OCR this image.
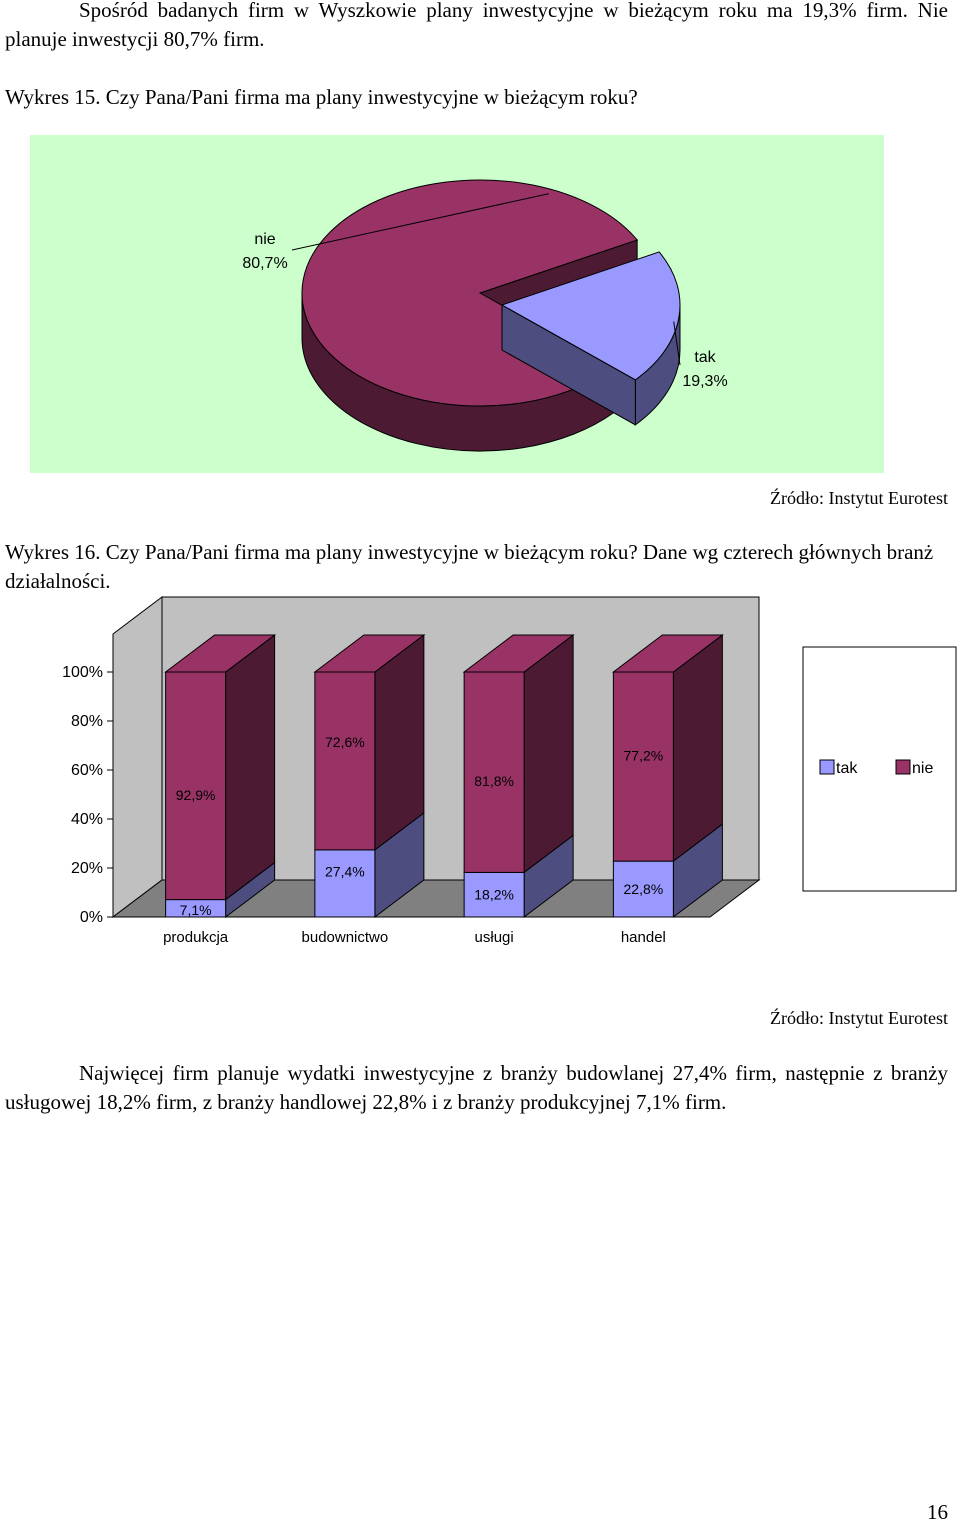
Spośród badanych firm w Wyszkowie plany inwestycyjne w bieżącym roku ma 19,3% firm. Nie planuje inwestycji 80,7% firm.

Wykres 15. Czy Pana/Pani firma ma plany inwestycyjne w bieżącym roku?
nie
80,7%
tak
19,3%
0%
20%
40%
60%
80%
100%
92,9%
7,1%
72,6%
27,4%
81,8%
18,2%
77,2%
22,8%
produkcja	budownictwo	usługi	handel
tak	nie
Źródło: Instytut Eurotest
Wykres 16. Czy Pana/Pani firma ma plany inwestycyjne w bieżącym roku? Dane wg czterech głównych branż działalności.
Źródło: Instytut Eurotest

Najwięcej firm planuje wydatki inwestycyjne z branży budowlanej 27,4% firm, następnie z branży usługowej 18,2% firm, z branży handlowej 22,8% i z branży produkcyjnej 7,1% firm.

16
